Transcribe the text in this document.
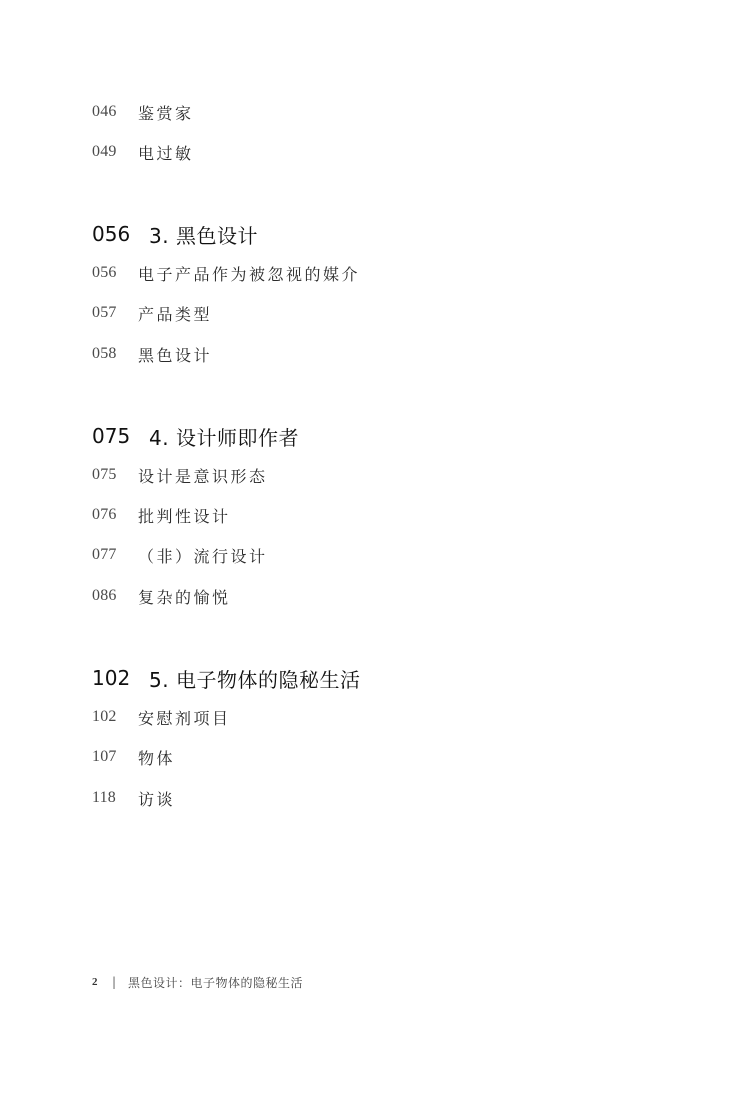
046	鉴赏家
049	电过敏
056 3. 黑色设计
056	电子产品作为被忽视的媒介
057	产品类型
058	黑色设计
075 4. 设计师即作者
075	设计是意识形态
076	批判性设计
077	（非）流行设计
086	复杂的愉悦
102 5. 电子物体的隐秘生活
102	安慰剂项目
107	物体
118	访谈
2	| 黑色设计：电子物体的隐秘生活
